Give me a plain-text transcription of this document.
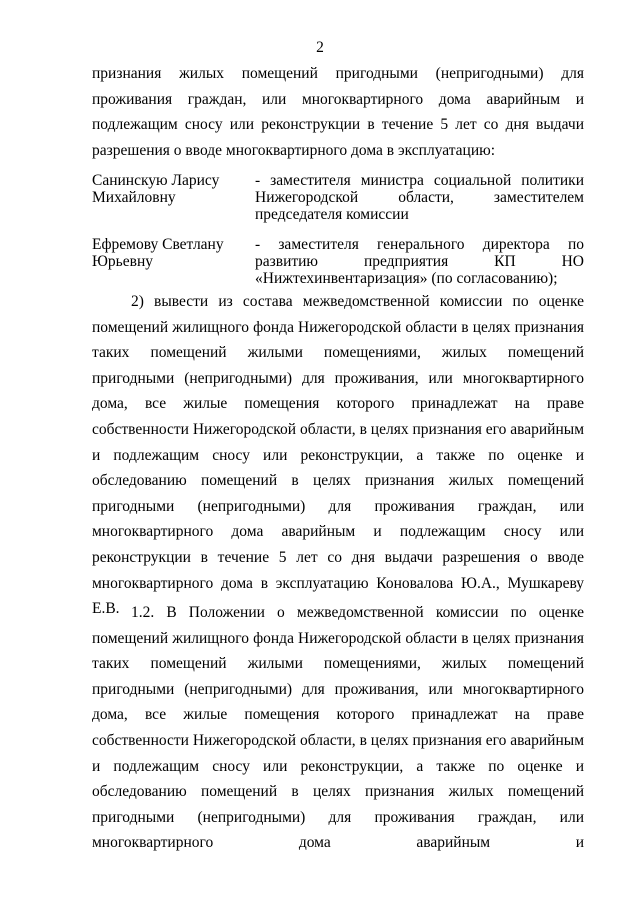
2

признания жилых помещений пригодными (непригодными) для проживания граждан, или многоквартирного дома аварийным и подлежащим сносу или реконструкции в течение 5 лет со дня выдачи разрешения о вводе многоквартирного дома в эксплуатацию:

Санинскую Ларису Михайловну
- заместителя министра социальной политики Нижегородской области, заместителем председателя комиссии
Ефремову Светлану Юрьевну
- заместителя генерального директора по развитию предприятия КП НО «Нижтехинвентаризация» (по согласованию);

2) вывести из состава межведомственной комиссии по оценке помещений жилищного фонда Нижегородской области в целях признания таких помещений жилыми помещениями, жилых помещений пригодными (непригодными) для проживания, или многоквартирного дома, все жилые помещения которого принадлежат на праве собственности Нижегородской области, в целях признания его аварийным и подлежащим сносу или реконструкции, а также по оценке и обследованию помещений в целях признания жилых помещений пригодными (непригодными) для проживания граждан, или многоквартирного дома аварийным и подлежащим сносу или реконструкции в течение 5 лет со дня выдачи разрешения о вводе многоквартирного дома в эксплуатацию Коновалова Ю.А., Мушкареву Е.В. 1.2. В Положении о межведомственной комиссии по оценке помещений жилищного фонда Нижегородской области в целях признания таких помещений жилыми помещениями, жилых помещений пригодными (непригодными) для проживания, или многоквартирного дома, все жилые помещения которого принадлежат на праве собственности Нижегородской области, в целях признания его аварийным и подлежащим сносу или реконструкции, а также по оценке и обследованию помещений в целях признания жилых помещений пригодными (непригодными) для проживания граждан, или многоквартирного дома аварийным и
